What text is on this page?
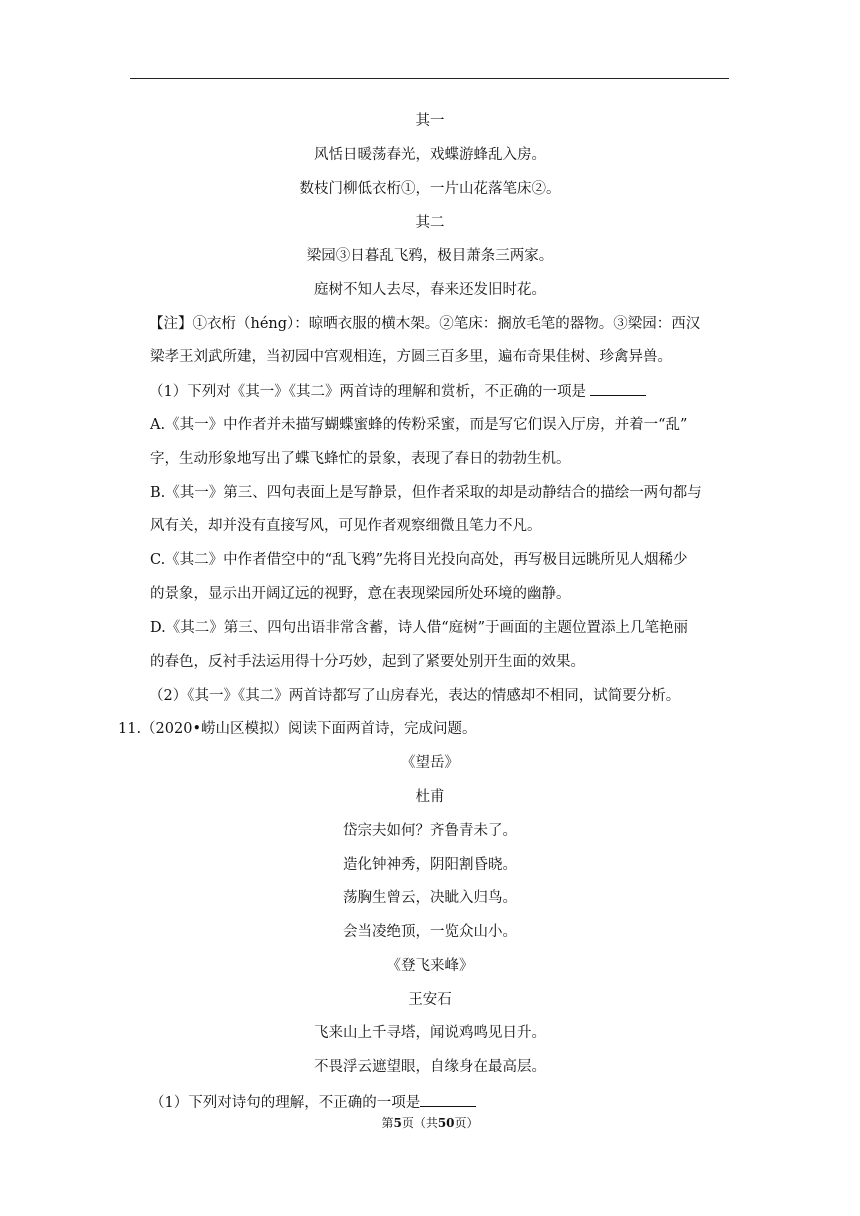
其一
风恬日暖荡春光，戏蝶游蜂乱入房。
数枝门柳低衣桁①，一片山花落笔床②。
其二
梁园③日暮乱飞鸦，极目萧条三两家。
庭树不知人去尽，春来还发旧时花。
【注】①衣桁（héng）：晾晒衣服的横木架。②笔床：搁放毛笔的器物。③梁园：西汉
梁孝王刘武所建，当初园中宫观相连，方圆三百多里，遍布奇果佳树、珍禽异兽。
（1）下列对《其一》《其二》两首诗的理解和赏析，不正确的一项是
A.《其一》中作者并未描写蝴蝶蜜蜂的传粉采蜜，而是写它们误入厅房，并着一“乱”
字，生动形象地写出了蝶飞蜂忙的景象，表现了春日的勃勃生机。
B.《其一》第三、四句表面上是写静景，但作者采取的却是动静结合的描绘一两句都与
风有关，却并没有直接写风，可见作者观察细微且笔力不凡。
C.《其二》中作者借空中的“乱飞鸦”先将目光投向高处，再写极目远眺所见人烟稀少
的景象，显示出开阔辽远的视野，意在表现梁园所处环境的幽静。
D.《其二》第三、四句出语非常含蓄，诗人借“庭树”于画面的主题位置添上几笔艳丽
的春色，反衬手法运用得十分巧妙，起到了紧要处别开生面的效果。
（2）《其一》《其二》两首诗都写了山房春光，表达的情感却不相同，试简要分析。
11.（2020•崂山区模拟）阅读下面两首诗，完成问题。
《望岳》
杜甫
岱宗夫如何？齐鲁青未了。
造化钟神秀，阴阳割昏晓。
荡胸生曾云，决眦入归鸟。
会当凌绝顶，一览众山小。
《登飞来峰》
王安石
飞来山上千寻塔，闻说鸡鸣见日升。
不畏浮云遮望眼，自缘身在最高层。
（1）下列对诗句的理解，不正确的一项是
第5页（共50页）
